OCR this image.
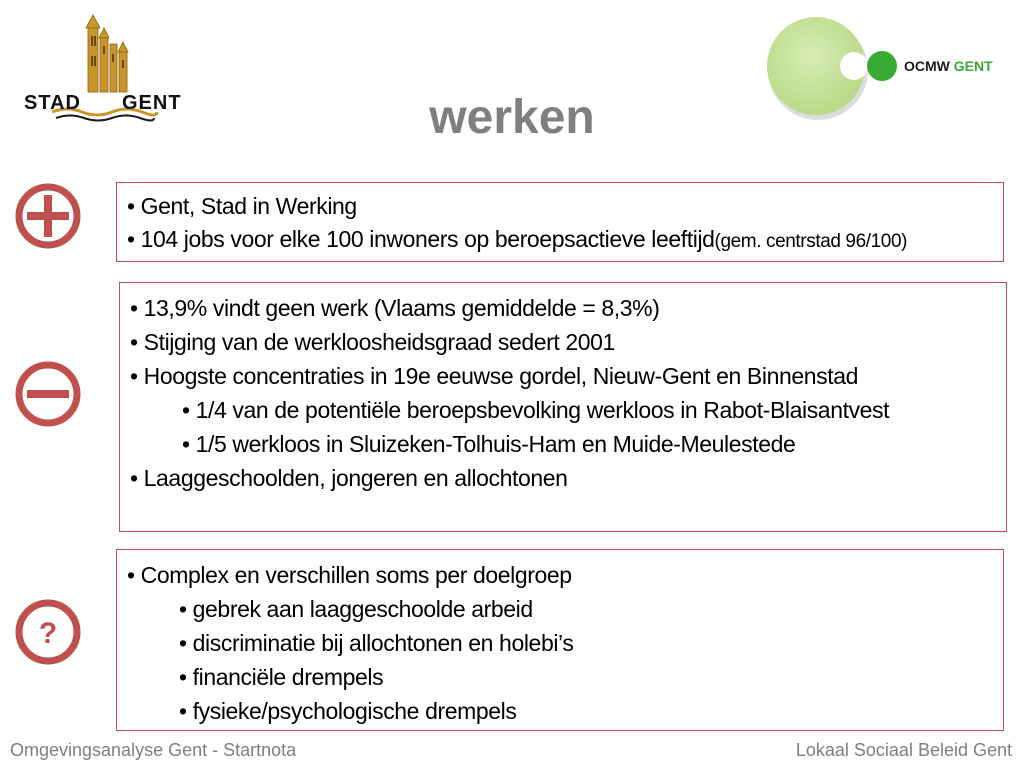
STAD GENT
OCMW GENT
werken
?
• Gent, Stad in Werking
• 104 jobs voor elke 100 inwoners op beroepsactieve leeftijd(gem. centrstad 96/100)
• 13,9% vindt geen werk (Vlaams gemiddelde = 8,3%)
• Stijging van de werkloosheidsgraad sedert 2001
• Hoogste concentraties in 19e eeuwse gordel, Nieuw-Gent en Binnenstad
• 1/4 van de potentiële beroepsbevolking werkloos in Rabot-Blaisantvest
• 1/5 werkloos in Sluizeken-Tolhuis-Ham en Muide-Meulestede
• Laaggeschoolden, jongeren en allochtonen
• Complex en verschillen soms per doelgroep
• gebrek aan laaggeschoolde arbeid
• discriminatie bij allochtonen en holebi’s
• financiële drempels
• fysieke/psychologische drempels
Omgevingsanalyse Gent - Startnota	Lokaal Sociaal Beleid Gent
